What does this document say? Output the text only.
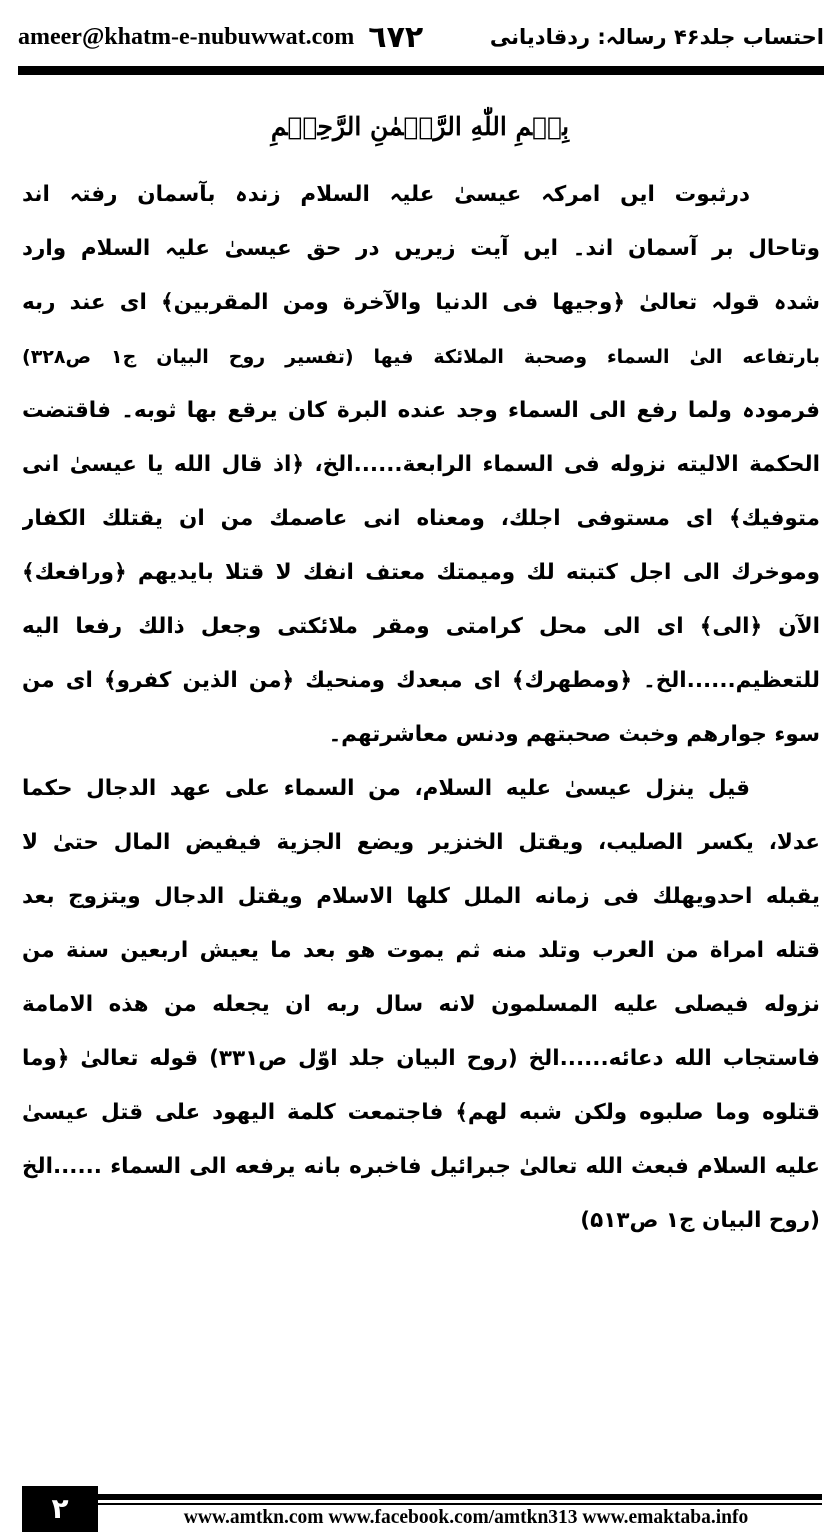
ameer@khatm-e-nubuwwat.com ٦٧٢	احتساب جلد۴۶ رسالہ: ردقادیانی
بِسۡمِ اللّٰهِ الرَّحۡمٰنِ الرَّحِيۡمِ
درثبوت ایں امرکہ عیسیٰ علیہ السلام زندہ بآسمان رفتہ اند
وتاحال بر آسمان اند۔ ایں آیت زیریں در حق عیسیٰ علیہ السلام وارد
شدہ قولہ تعالیٰ ﴿وجیها فی الدنیا والآخرة ومن المقربین﴾ ای عند ربه
بارتفاعه الیٰ السماء وصحبة الملائکة فیها (تفسیر روح البیان ج۱ ص۳۲۸)
فرمودہ ولما رفع الی السماء وجد عنده البرة کان یرقع بها ثوبه۔ فاقتضت
الحکمة الالیته نزوله فی السماء الرابعة......الخ، ﴿اذ قال الله یا عیسیٰ انی
متوفیك﴾ ای مستوفی اجلك، ومعناه انی عاصمك من ان یقتلك الکفار
وموخرك الی اجل کتبته لك ومیمتك معتف انفك لا قتلا بایدیهم ﴿ورافعك﴾
الآن ﴿الی﴾ ای الی محل کرامتی ومقر ملائکتی وجعل ذالك رفعا الیه
للتعظیم......الخ۔ ﴿ومطهرك﴾ ای مبعدك ومنحیك ﴿من الذین کفرو﴾ ای من
سوء جوارهم وخبث صحبتهم ودنس معاشرتهم۔
قیل ینزل عیسیٰ علیه السلام، من السماء علی عهد الدجال حکما
عدلا، یکسر الصلیب، ویقتل الخنزیر ویضع الجزیة فیفیض المال حتیٰ لا
یقبله احدویهلك فی زمانه الملل کلها الاسلام ویقتل الدجال ویتزوج بعد
قتله امراة من العرب وتلد منه ثم یموت هو بعد ما یعیش اربعین سنة من
نزوله فیصلی علیه المسلمون لانه سال ربه ان یجعله من هذه الامامة
فاستجاب الله دعائه......الخ (روح البیان جلد اوّل ص۳۳۱) قوله تعالیٰ ﴿وما
قتلوه وما صلبوه ولکن شبه لهم﴾ فاجتمعت کلمة الیهود علی قتل عیسیٰ
علیه السلام فبعث الله تعالیٰ جبرائیل فاخبره بانه یرفعه الی السماء ......الخ
(روح البیان ج۱ ص۵۱۳)
۲	www.amtkn.com www.facebook.com/amtkn313 www.emaktaba.info
